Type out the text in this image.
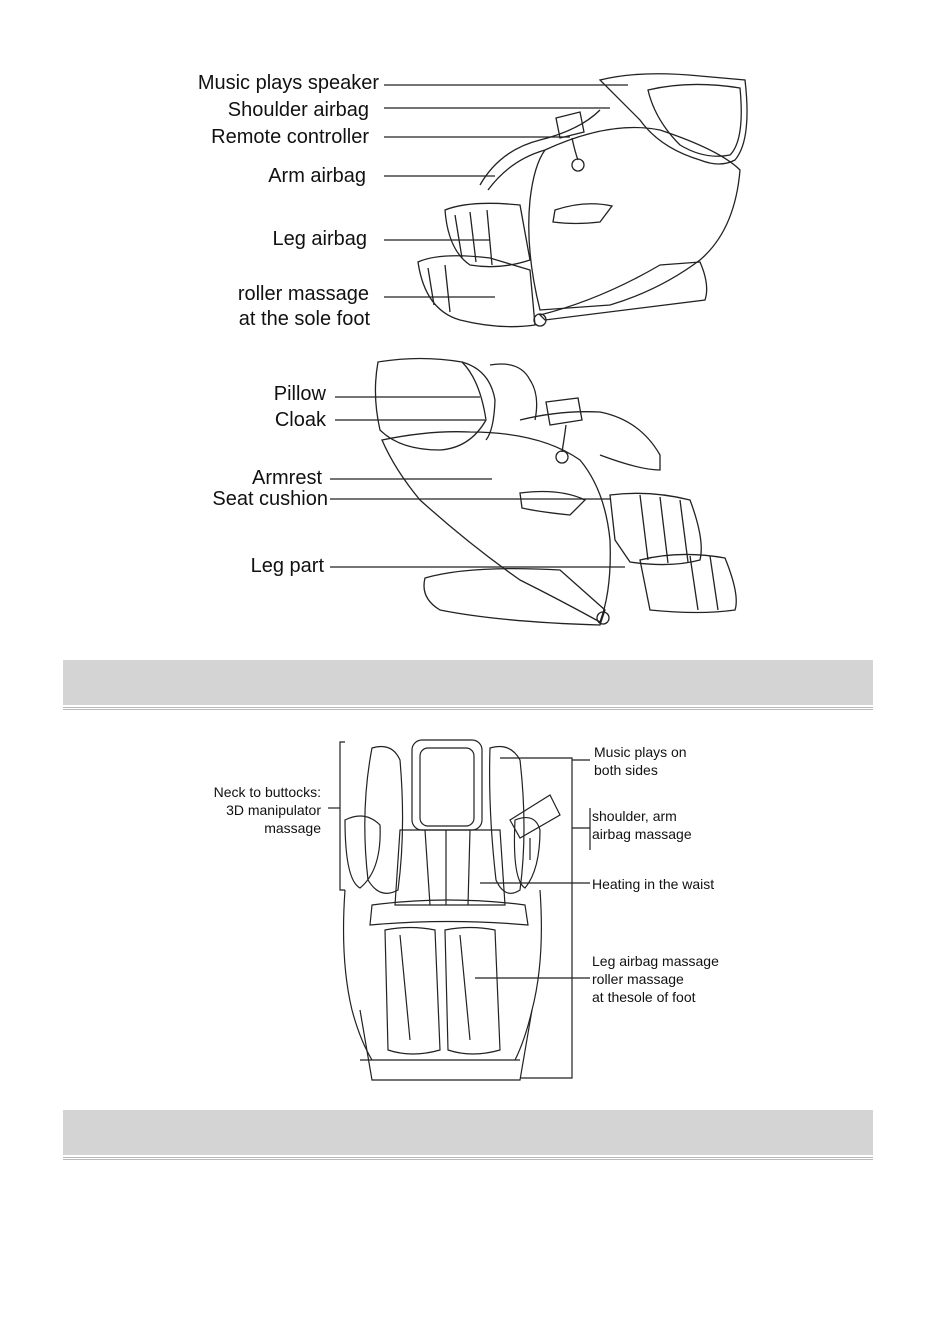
Music plays speaker
Shoulder airbag
Remote controller
Arm airbag
Leg airbag
roller massage
at the sole foot
Pillow
Cloak
Armrest
Seat cushion
Leg part
Neck to buttocks:
3D manipulator
massage
Music plays on
both sides
shoulder, arm
airbag massage
Heating in the waist
Leg airbag massage
roller massage
at thesole of foot
